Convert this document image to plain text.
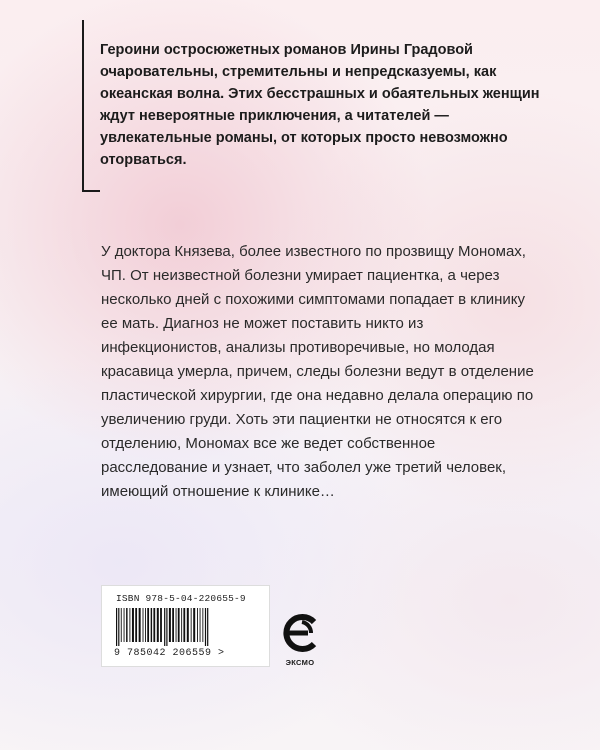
Героини остросюжетных романов Ирины Градовой очаровательны, стремительны и непредсказуемы, как океанская волна. Этих бесстрашных и обаятельных женщин ждут невероятные приключения, а читателей — увлекательные романы, от которых просто невозможно оторваться.

У доктора Князева, более известного по прозвищу Мономах, ЧП. От неизвестной болезни умирает пациентка, а через несколько дней с похожими симптомами попадает в клинику ее мать. Диагноз не может поставить никто из инфекционистов, анализы противоречивые, но молодая красавица умерла, причем, следы болезни ведут в отделение пластической хирургии, где она недавно делала операцию по увеличению груди. Хоть эти пациентки не относятся к его отделению, Мономах все же ведет собственное расследование и узнает, что заболел уже третий человек, имеющий отношение к клинике…

ISBN 978-5-04-220655-9
9 785042 206559 >
ЭКСМО
